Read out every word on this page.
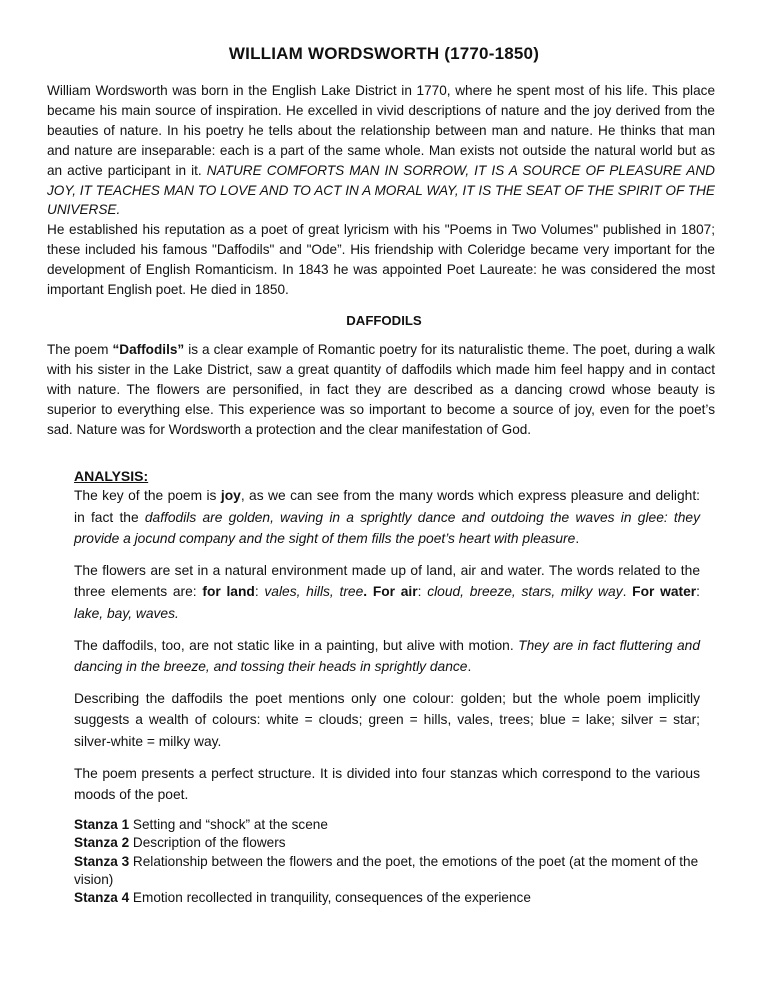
WILLIAM WORDSWORTH (1770-1850)

William Wordsworth was born in the English Lake District in 1770, where he spent most of his life. This place became his main source of inspiration. He excelled in vivid descriptions of nature and the joy derived from the beauties of nature. In his poetry he tells about the relationship between man and nature. He thinks that man and nature are inseparable: each is a part of the same whole. Man exists not outside the natural world but as an active participant in it. NATURE COMFORTS MAN IN SORROW, IT IS A SOURCE OF PLEASURE AND JOY, IT TEACHES MAN TO LOVE AND TO ACT IN A MORAL WAY, IT IS THE SEAT OF THE SPIRIT OF THE UNIVERSE.
He established his reputation as a poet of great lyricism with his "Poems in Two Volumes" published in 1807; these included his famous "Daffodils" and "Ode”. His friendship with Coleridge became very important for the development of English Romanticism. In 1843 he was appointed Poet Laureate: he was considered the most important English poet. He died in 1850.

DAFFODILS

The poem “Daffodils” is a clear example of Romantic poetry for its naturalistic theme. The poet, during a walk with his sister in the Lake District, saw a great quantity of daffodils which made him feel happy and in contact with nature. The flowers are personified, in fact they are described as a dancing crowd whose beauty is superior to everything else. This experience was so important to become a source of joy, even for the poet’s sad. Nature was for Wordsworth a protection and the clear manifestation of God.

ANALYSIS:

The key of the poem is joy, as we can see from the many words which express pleasure and delight: in fact the daffodils are golden, waving in a sprightly dance and outdoing the waves in glee: they provide a jocund company and the sight of them fills the poet’s heart with pleasure.

The flowers are set in a natural environment made up of land, air and water. The words related to the three elements are: for land: vales, hills, tree. For air: cloud, breeze, stars, milky way. For water: lake, bay, waves.

The daffodils, too, are not static like in a painting, but alive with motion. They are in fact fluttering and dancing in the breeze, and tossing their heads in sprightly dance.

Describing the daffodils the poet mentions only one colour: golden; but the whole poem implicitly suggests a wealth of colours: white = clouds; green = hills, vales, trees; blue = lake; silver = star; silver-white = milky way.

The poem presents a perfect structure. It is divided into four stanzas which correspond to the various moods of the poet.

Stanza 1 Setting and “shock” at the scene

Stanza 2 Description of the flowers

Stanza 3 Relationship between the flowers and the poet, the emotions of the poet (at the moment of the vision)

Stanza 4 Emotion recollected in tranquility, consequences of the experience
